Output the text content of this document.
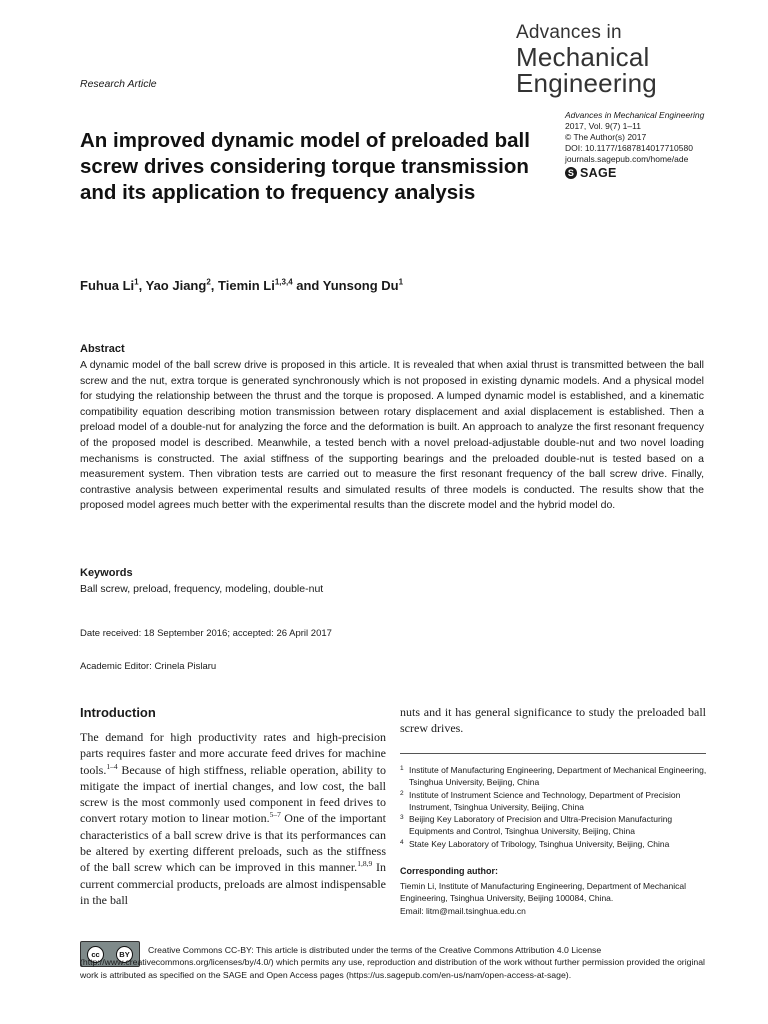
Advances in
Mechanical
Engineering
Research Article
Advances in Mechanical Engineering
2017, Vol. 9(7) 1–11
© The Author(s) 2017
DOI: 10.1177/1687814017710580
journals.sagepub.com/home/ade
S SAGE
An improved dynamic model of preloaded ball screw drives considering torque transmission and its application to frequency analysis
Fuhua Li$^1$, Yao Jiang$^2$, Tiemin Li$^{1,3,4}$ and Yunsong Du$^1$
Abstract
A dynamic model of the ball screw drive is proposed in this article. It is revealed that when axial thrust is transmitted between the ball screw and the nut, extra torque is generated synchronously which is not proposed in existing dynamic models. And a physical model for studying the relationship between the thrust and the torque is proposed. A lumped dynamic model is established, and a kinematic compatibility equation describing motion transmission between rotary displacement and axial displacement is established. Then a preload model of a double-nut for analyzing the force and the deformation is built. An approach to analyze the first resonant frequency of the proposed model is described. Meanwhile, a tested bench with a novel preload-adjustable double-nut and two novel loading mechanisms is constructed. The axial stiffness of the supporting bearings and the preloaded double-nut is tested based on a measurement system. Then vibration tests are carried out to measure the first resonant frequency of the ball screw drive. Finally, contrastive analysis between experimental results and simulated results of three models is conducted. The results show that the proposed model agrees much better with the experimental results than the discrete model and the hybrid model do.
Keywords
Ball screw, preload, frequency, modeling, double-nut
Date received: 18 September 2016; accepted: 26 April 2017
Academic Editor: Crinela Pislaru
Introduction
The demand for high productivity rates and high-precision parts requires faster and more accurate feed drives for machine tools.$^{1-4}$ Because of high stiffness, reliable operation, ability to mitigate the impact of inertial changes, and low cost, the ball screw is the most commonly used component in feed drives to convert rotary motion to linear motion.$^{5-7}$ One of the important characteristics of a ball screw drive is that its performances can be altered by exerting different preloads, such as the stiffness of the ball screw which can be improved in this manner.$^{1,8,9}$ In current commercial products, preloads are almost indispensable in the ball
nuts and it has general significance to study the preloaded ball screw drives.
1 Institute of Manufacturing Engineering, Department of Mechanical Engineering, Tsinghua University, Beijing, China
2 Institute of Instrument Science and Technology, Department of Precision Instrument, Tsinghua University, Beijing, China
3 Beijing Key Laboratory of Precision and Ultra-Precision Manufacturing Equipments and Control, Tsinghua University, Beijing, China
4 State Key Laboratory of Tribology, Tsinghua University, Beijing, China
Corresponding author:
Tiemin Li, Institute of Manufacturing Engineering, Department of Mechanical Engineering, Tsinghua University, Beijing 100084, China.
Email: litm@mail.tsinghua.edu.cn
cc	BY	Creative Commons CC-BY: This article is distributed under the terms of the Creative Commons Attribution 4.0 License
(http://www.creativecommons.org/licenses/by/4.0/) which permits any use, reproduction and distribution of the work without further permission provided the original work is attributed as specified on the SAGE and Open Access pages (https://us.sagepub.com/en-us/nam/open-access-at-sage).
